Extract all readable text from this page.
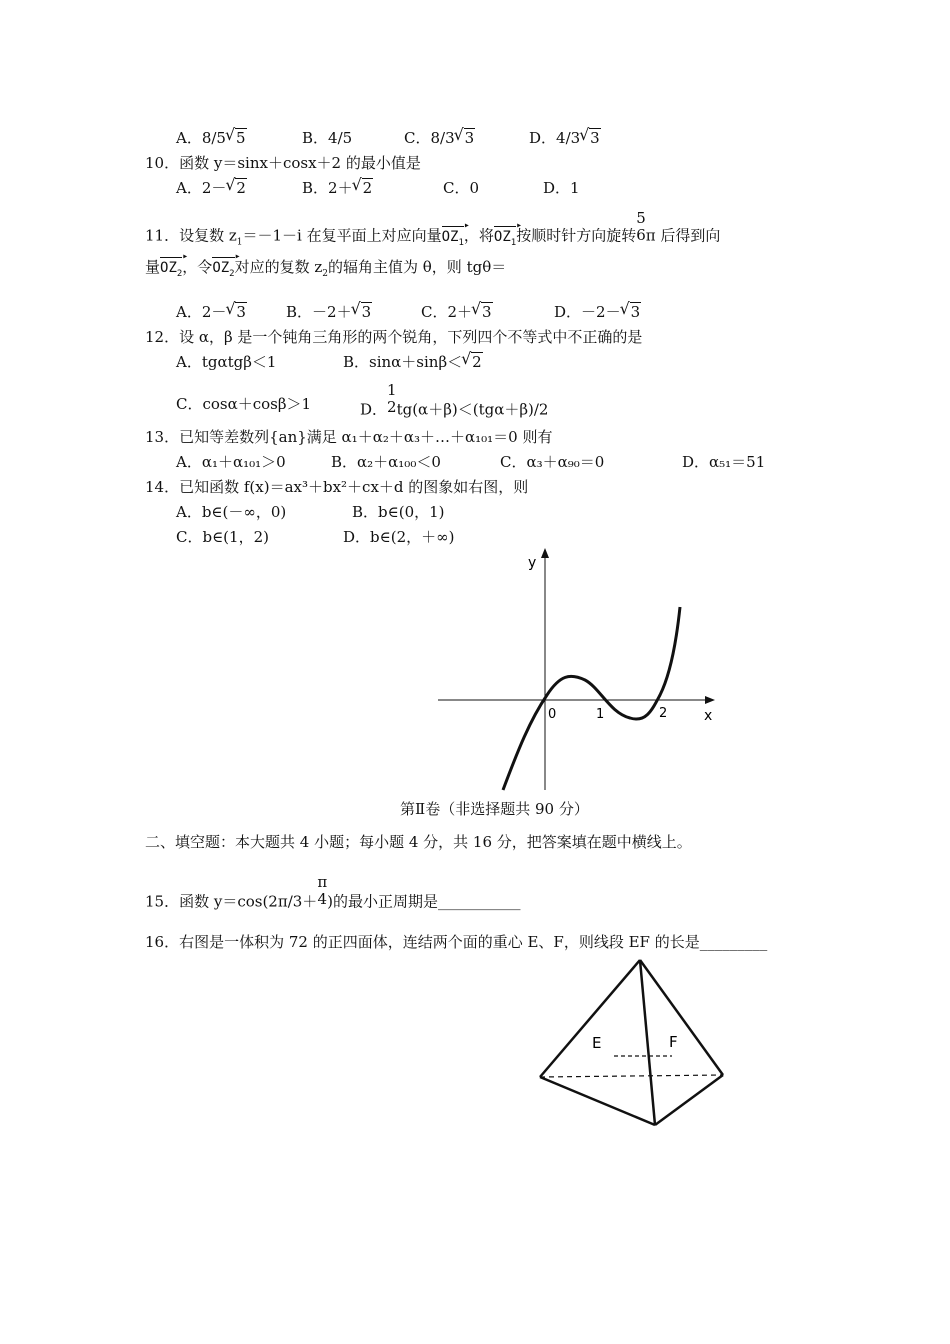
A．8/5 √ 5	B．4/5	C．8/3 √ 3	D．4/3 √ 3
10．函数 y＝sinx＋cosx＋2 的最小值是
A．2－ √ 2	B．2＋ √ 2	C．0	D．1
11．设复数 $z_1=-1-i$ 在复平面上对应向量$OZ_1$ ▸，将$OZ_1$ ▸按顺时针方向旋转
5
6 π 后得到向
量$OZ_2$ ▸，令$OZ_2$ ▸对应的复数 $z_2$的辐角主值为 θ，则 tgθ＝
A．2－ √ 3	B．－2＋ √ 3	C．2＋ √ 3	D．－2－ √ 3
12．设 α，β 是一个钝角三角形的两个锐角，下列四个不等式中不正确的是
A．tgαtgβ＜1	B．sinα＋sinβ＜ √ 2
C．cosα＋cosβ＞1	D．
1
2 tg(α＋β)＜(tgα＋β)/2
13．已知等差数列{an}满足 α₁＋α₂＋α₃＋…＋α₁₀₁＝0 则有
A．α₁＋α₁₀₁＞0	B．α₂＋α₁₀₀＜0	C．α₃＋α₉₀＝0	D．α₅₁＝51
14．已知函数 f(x)＝ax³＋bx²＋cx＋d 的图象如右图，则
A．b∈(－∞，0)	B．b∈(0，1)
C．b∈(1，2)	D．b∈(2，＋∞)
y
x
0	1	2
第Ⅱ卷（非选择题共 90 分）
二、填空题：本大题共 4 小题；每小题 4 分，共 16 分，把答案填在题中横线上。
15．函数 y＝cos(2π/3＋
π
4 )的最小正周期是___________
16．右图是一体积为 72 的正四面体，连结两个面的重心 E、F，则线段 EF 的长是_________
E	F
